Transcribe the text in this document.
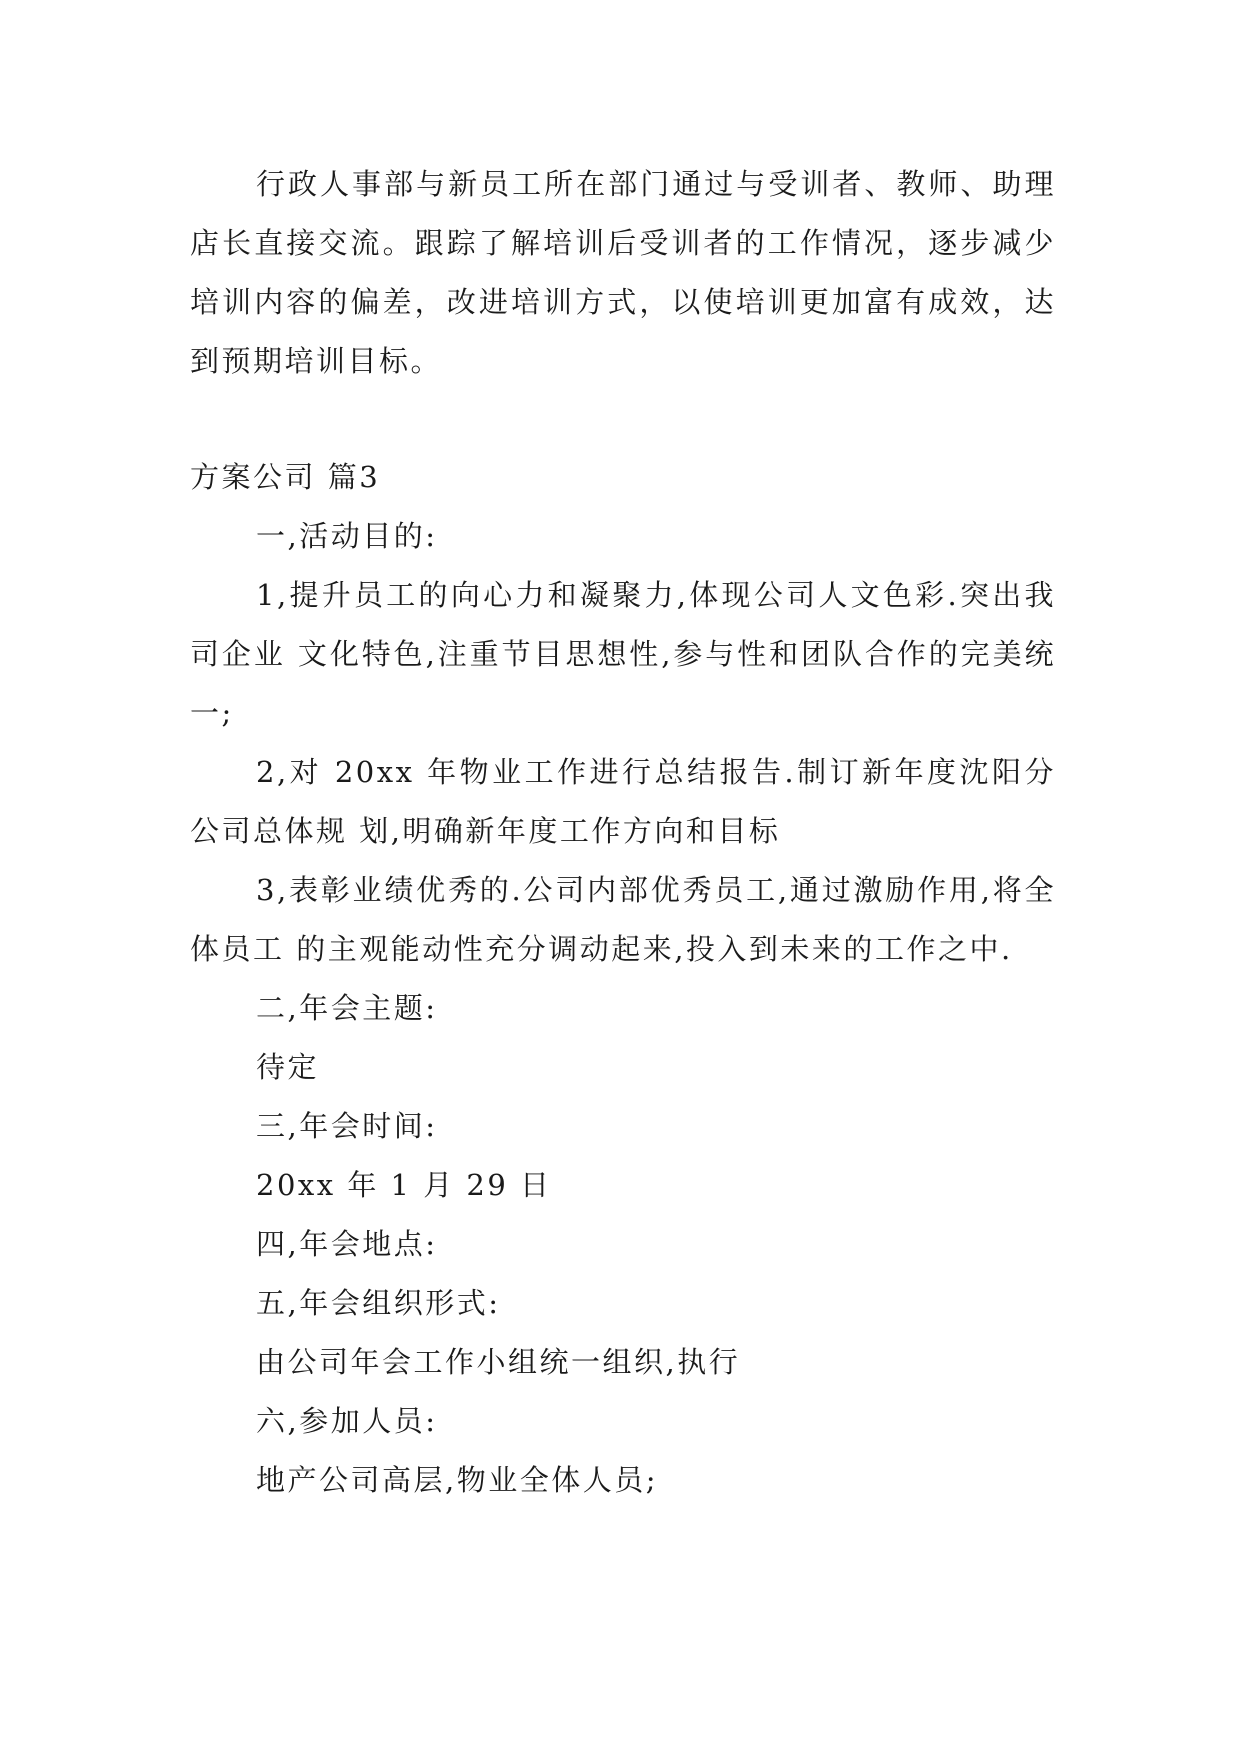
行政人事部与新员工所在部门通过与受训者、教师、助理店长直接交流。跟踪了解培训后受训者的工作情况，逐步减少培训内容的偏差，改进培训方式，以使培训更加富有成效，达到预期培训目标。

方案公司 篇3

一,活动目的:

1,提升员工的向心力和凝聚力,体现公司人文色彩.突出我司企业 文化特色,注重节目思想性,参与性和团队合作的完美统一;

2,对 20xx 年物业工作进行总结报告.制订新年度沈阳分公司总体规 划,明确新年度工作方向和目标

3,表彰业绩优秀的.公司内部优秀员工,通过激励作用,将全体员工 的主观能动性充分调动起来,投入到未来的工作之中.

二,年会主题:

待定

三,年会时间:

20xx 年 1 月 29 日

四,年会地点:

五,年会组织形式:

由公司年会工作小组统一组织,执行

六,参加人员:

地产公司高层,物业全体人员;
